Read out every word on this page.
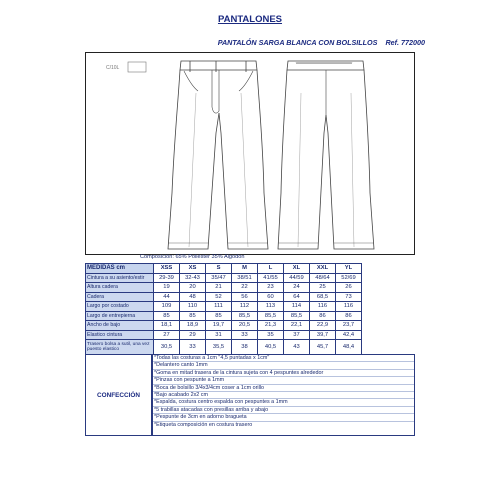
PANTALONES
PANTALÓN SARGA BLANCA CON BOLSILLOS Ref. 772000
C/10L
Composición: 65% Poliéster 35% Algodón
MEDIDAS cm	XSS	XS	S	M	L	XL	XXL	YL
Cintura a su asiento/estir	29-39	32-43	35/47	38/51	41/55	44/59	48/64	52/69
Altura cadera	19	20	21	22	23	24	25	26
Cadera	44	48	52	56	60	64	68,5	73
Largo por costado	109	110	111	112	113	114	116	116
Largo de entrepierna	85	85	85	85,5	85,5	85,5	86	86
Ancho de bajo	18,1	18,9	19,7	20,5	21,3	22,1	22,9	23,7
Elastico cintura	27	29	31	33	35	37	39,7	42,4
Trasero bolsa a sutil, una vez puesto elastico	30,5	33	35,5	38	40,5	43	45,7	48,4
CONFECCIÓN
*Todas las costuras a 1cm "4,5 puntadas x 1cm"
*Delantero canto 1mm
*Goma en mitad trasera de la cintura sujeta con 4 pespuntes alrededor
*Pinzas con pespunte a 1mm
*Boca de bolsillo 3/4x3/4cm coser a 1cm orillo
*Bajo acabado 2x2 cm
*Espalda, costura centro espalda con pespuntes a 1mm
*5 trabillas atacadas con presillas arriba y abajo
*Pespunte de 3cm en adorno bragueta
*Etiqueta composición en costura trasero
